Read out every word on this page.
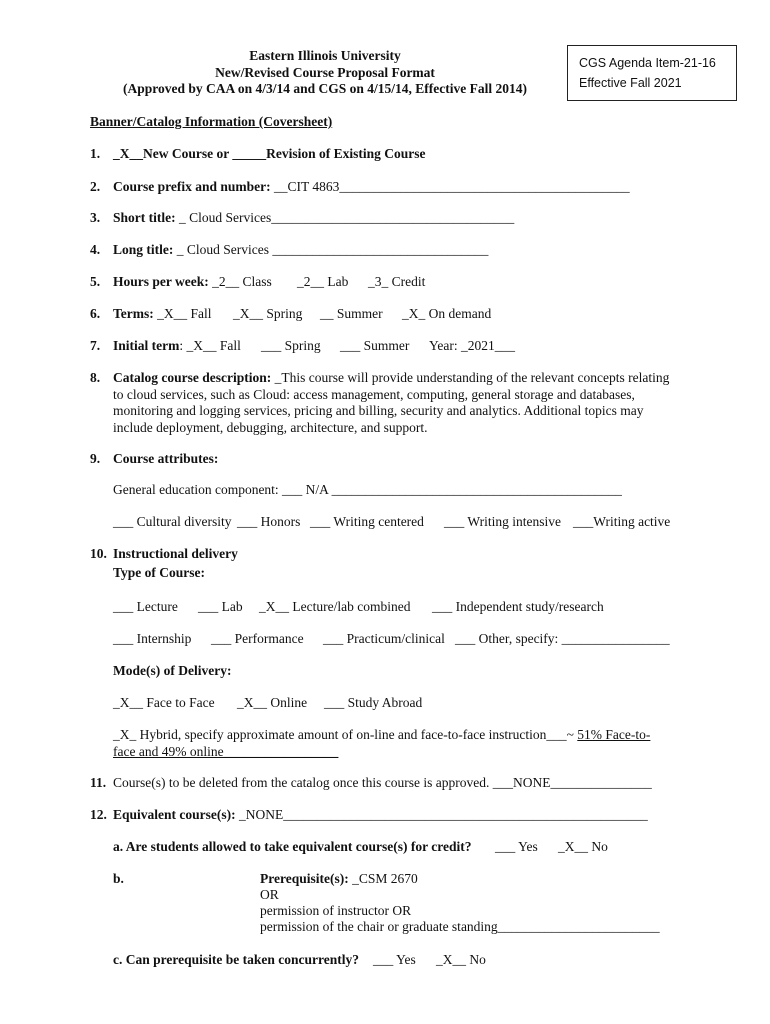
Eastern Illinois University
New/Revised Course Proposal Format
(Approved by CAA on 4/3/14 and CGS on 4/15/14, Effective Fall 2014)
CGS Agenda Item-21-16
Effective Fall 2021
Banner/Catalog Information (Coversheet)
1. _X__New Course or _____Revision of Existing Course
2. Course prefix and number: __CIT 4863___________________________________________
3. Short title: _ Cloud Services____________________________________
4. Long title: _ Cloud Services ________________________________
5. Hours per week: _2__ Class _2__ Lab _3_ Credit
6. Terms: _X__ Fall _X__ Spring __ Summer _X_ On demand
7. Initial term: _X__ Fall ___ Spring ___ Summer Year: _2021___
8. Catalog course description: _This course will provide understanding of the relevant concepts relating to cloud services, such as Cloud: access management, computing, general storage and databases, monitoring and logging services, pricing and billing, security and analytics. Additional topics may include deployment, debugging, architecture, and support.
9. Course attributes:
General education component: ___ N/A ___________________________________________
___ Cultural diversity ___ Honors ___ Writing centered ___ Writing intensive ___Writing active
10. Instructional delivery
Type of Course:
___ Lecture ___ Lab _X__ Lecture/lab combined ___ Independent study/research
___ Internship ___ Performance ___ Practicum/clinical ___ Other, specify: ________________
Mode(s) of Delivery:
_X__ Face to Face _X__ Online ___ Study Abroad
_X_ Hybrid, specify approximate amount of on-line and face-to-face instruction___~ 51% Face-to-face and 49% online_________________
11. Course(s) to be deleted from the catalog once this course is approved. ___NONE_______________
12. Equivalent course(s): _NONE______________________________________________________
a. Are students allowed to take equivalent course(s) for credit? ___ Yes _X__ No
b.	Prerequisite(s): _CSM 2670
OR
permission of instructor OR
permission of the chair or graduate standing________________________
c. Can prerequisite be taken concurrently? ___ Yes _X__ No
